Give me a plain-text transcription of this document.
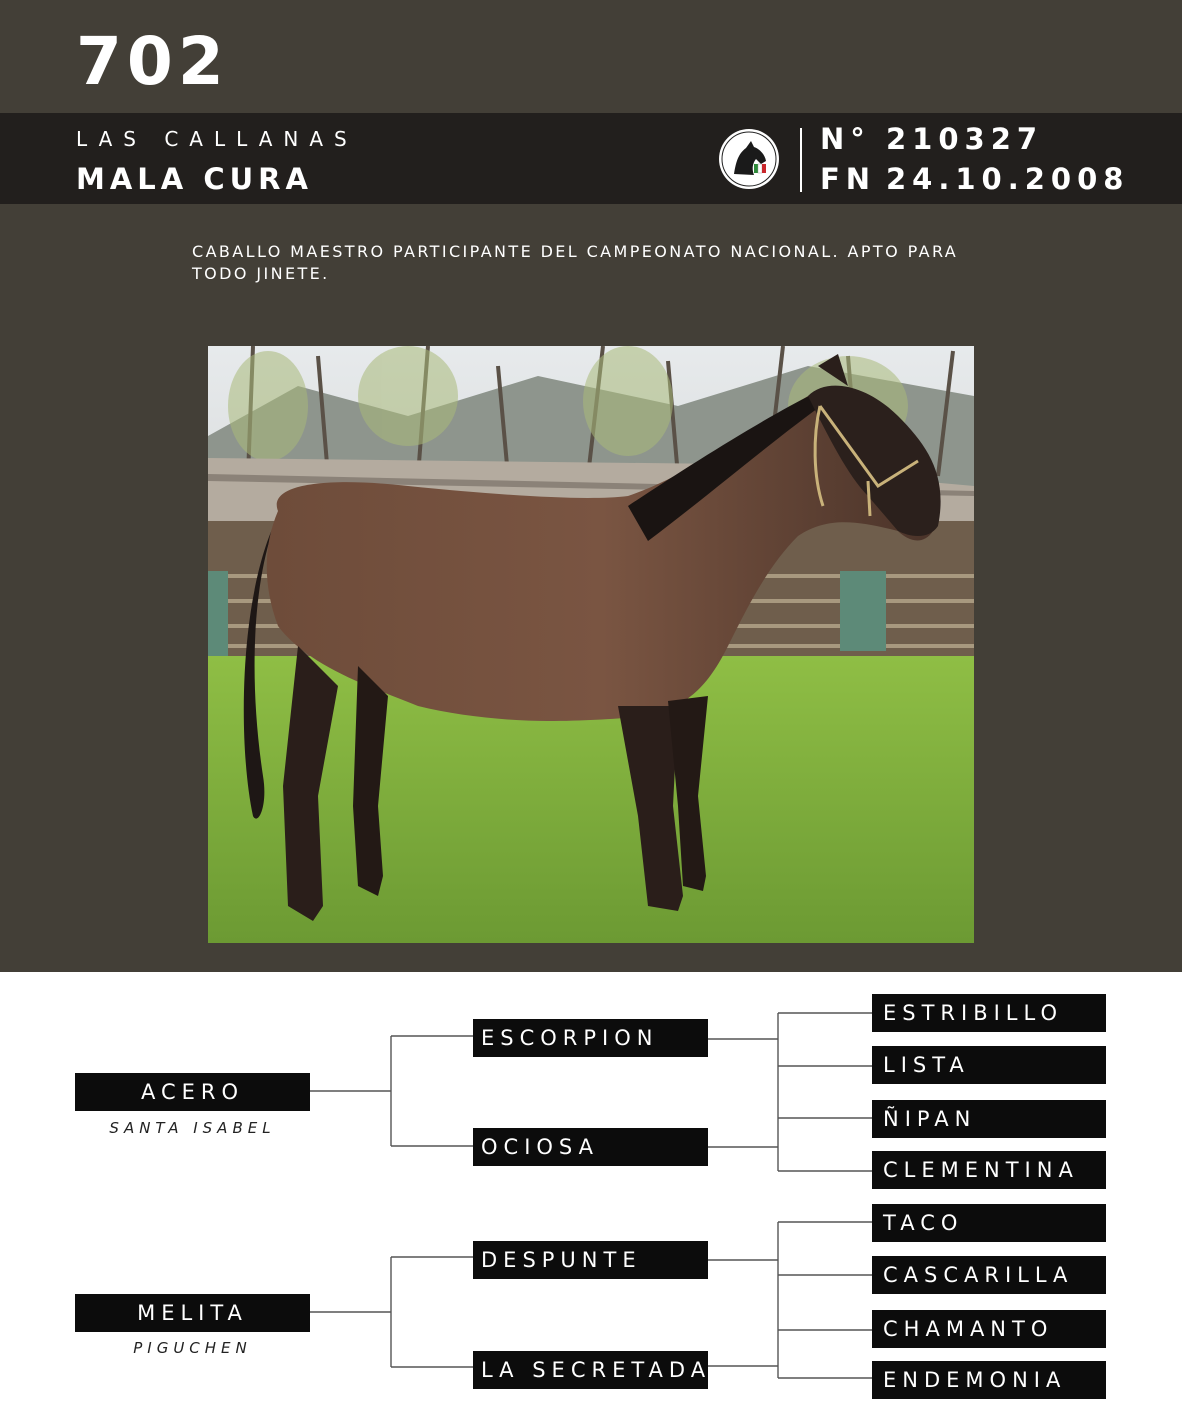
702
LAS CALLANAS
MALA CURA
N° 210327
FN 24.10.2008
CABALLO MAESTRO PARTICIPANTE DEL CAMPEONATO NACIONAL. APTO PARA TODO JINETE.
ACERO
SANTA ISABEL
MELITA
PIGUCHEN
ESCORPION
OCIOSA
DESPUNTE
LA SECRETADA
ESTRIBILLO
LISTA
ÑIPAN
CLEMENTINA
TACO
CASCARILLA
CHAMANTO
ENDEMONIA
